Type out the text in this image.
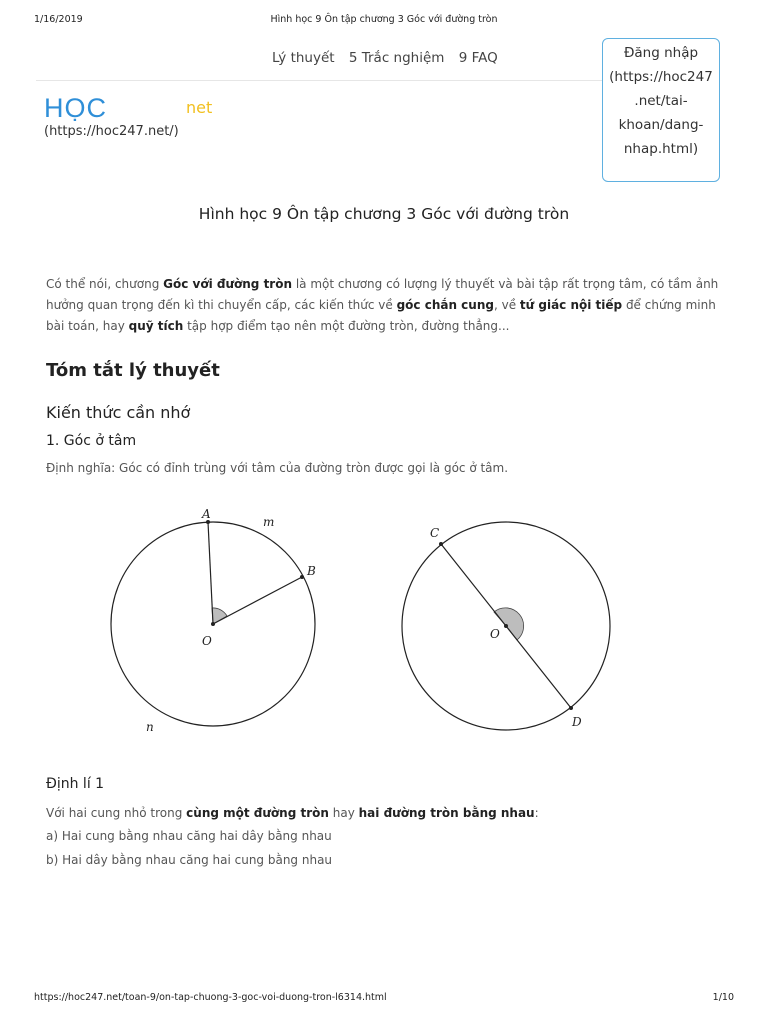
1/16/2019	Hình học 9 Ôn tập chương 3 Góc với đường tròn
Lý thuyết 5 Trắc nghiệm 9 FAQ	Đăng nhập
(https://hoc247
.net/tai-
khoan/dang-
nhap.html)
HỌC	net
(https://hoc247.net/)
Hình học 9 Ôn tập chương 3 Góc với đường tròn

Có thể nói, chương Góc với đường tròn là một chương có lượng lý thuyết và bài tập rất trọng tâm, có tầm ảnh hưởng quan trọng đến kì thi chuyển cấp, các kiến thức về góc chắn cung, về tứ giác nội tiếp để chứng minh bài toán, hay quỹ tích tập hợp điểm tạo nên một đường tròn, đường thẳng...

Tóm tắt lý thuyết
Kiến thức cần nhớ
1. Góc ở tâm
Định nghĩa: Góc có đỉnh trùng với tâm của đường tròn được gọi là góc ở tâm.
A
B
O
m
n
C
D
O
Định lí 1
Với hai cung nhỏ trong cùng một đường tròn hay hai đường tròn bằng nhau:
a) Hai cung bằng nhau căng hai dây bằng nhau
b) Hai dây bằng nhau căng hai cung bằng nhau
https://hoc247.net/toan-9/on-tap-chuong-3-goc-voi-duong-tron-l6314.html	1/10
